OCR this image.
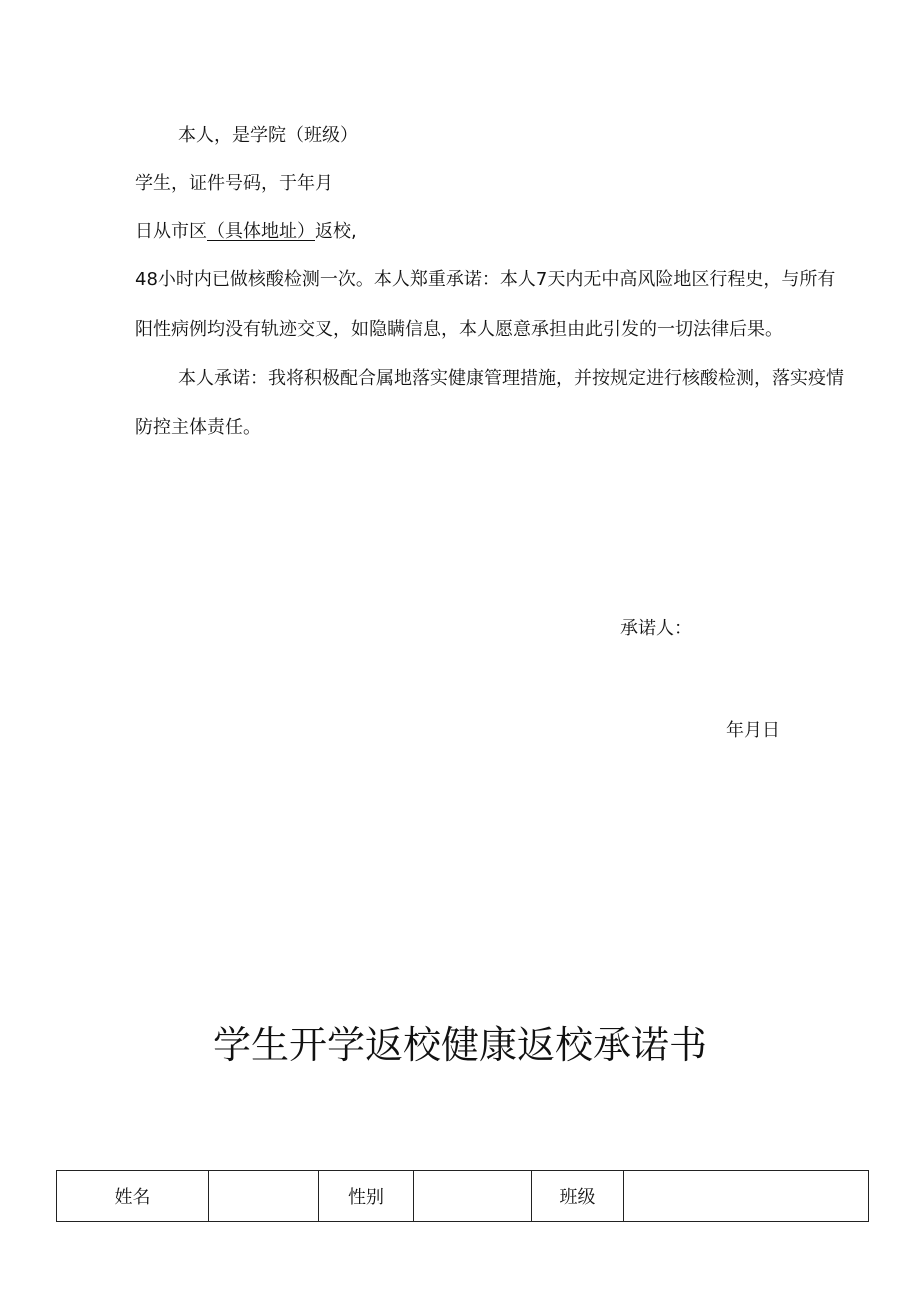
本人，是学院（班级）

学生，证件号码，于年月

日从市区（具体地址）返校,

48小时内已做核酸检测一次。本人郑重承诺：本人7天内无中高风险地区行程史，与所有

阳性病例均没有轨迹交叉，如隐瞒信息，本人愿意承担由此引发的一切法律后果。

本人承诺：我将积极配合属地落实健康管理措施，并按规定进行核酸检测，落实疫情

防控主体责任。

承诺人：

年月日

学生开学返校健康返校承诺书
姓名		性别		班级	
